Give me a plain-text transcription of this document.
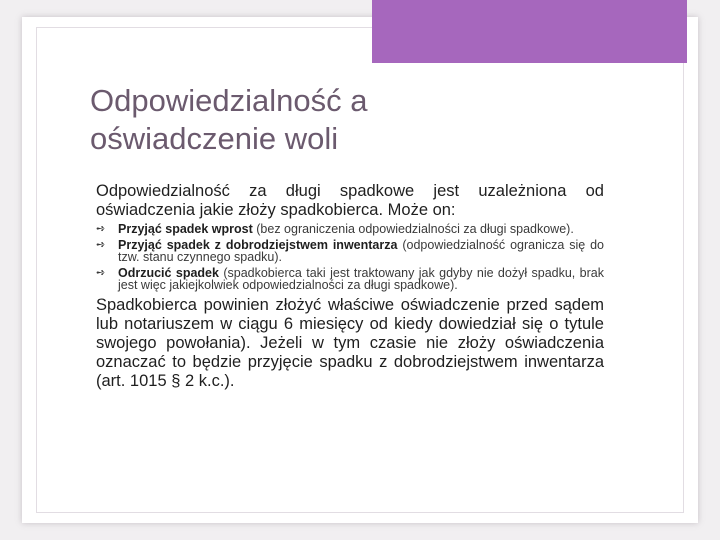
Odpowiedzialność a
oświadczenie woli

Odpowiedzialność za długi spadkowe jest uzależniona od oświadczenia jakie złoży spadkobierca. Może on:

➺	Przyjąć spadek wprost (bez ograniczenia odpowiedzialności za długi spadkowe).
➺	Przyjąć spadek z dobrodziejstwem inwentarza (odpowiedzialność ogranicza się do tzw. stanu czynnego spadku).
➺	Odrzucić spadek (spadkobierca taki jest traktowany jak gdyby nie dożył spadku, brak jest więc jakiejkolwiek odpowiedzialności za długi spadkowe).

Spadkobierca powinien złożyć właściwe oświadczenie przed sądem lub notariuszem w ciągu 6 miesięcy od kiedy dowiedział się o tytule swojego powołania). Jeżeli w tym czasie nie złoży oświadczenia oznaczać to będzie przyjęcie spadku z dobrodziejstwem inwentarza (art. 1015 § 2 k.c.).
